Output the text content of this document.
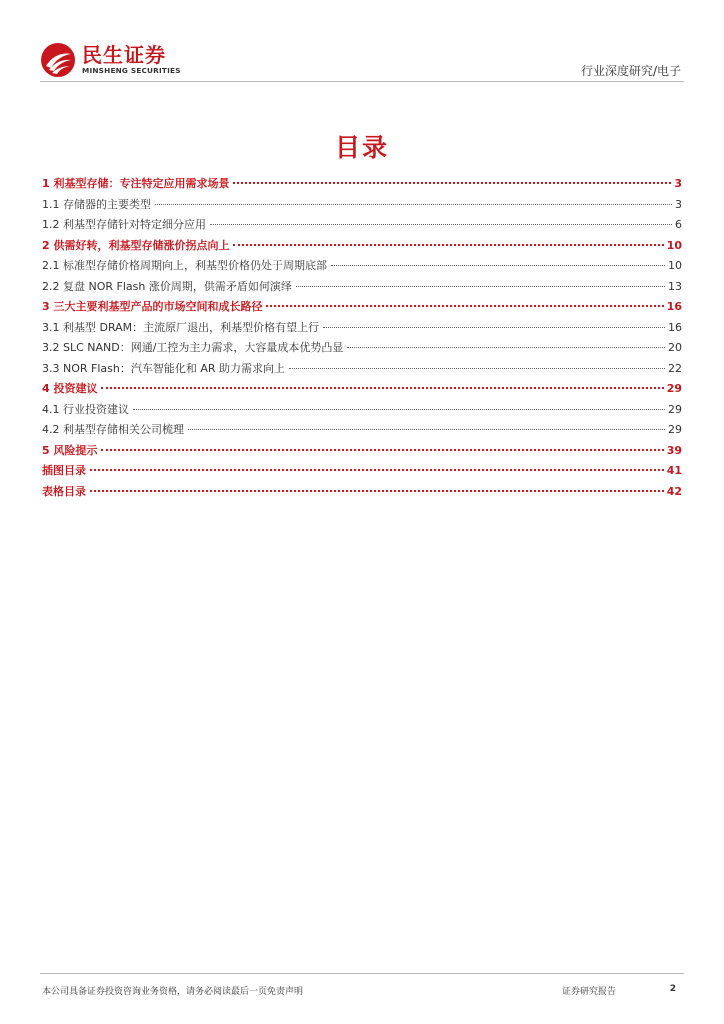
民生证券
MINSHENG SECURITIES	行业深度研究/电子
目录
1 利基型存储：专注特定应用需求场景	3
1.1 存储器的主要类型	3
1.2 利基型存储针对特定细分应用	6
2 供需好转，利基型存储涨价拐点向上	10
2.1 标准型存储价格周期向上，利基型价格仍处于周期底部	10
2.2 复盘 NOR Flash 涨价周期，供需矛盾如何演绎	13
3 三大主要利基型产品的市场空间和成长路径	16
3.1 利基型 DRAM：主流原厂退出，利基型价格有望上行	16
3.2 SLC NAND：网通/工控为主力需求，大容量成本优势凸显	20
3.3 NOR Flash：汽车智能化和 AR 助力需求向上	22
4 投资建议	29
4.1 行业投资建议	29
4.2 利基型存储相关公司梳理	29
5 风险提示	39
插图目录	41
表格目录	42
本公司具备证券投资咨询业务资格，请务必阅读最后一页免责声明	证券研究报告	2
